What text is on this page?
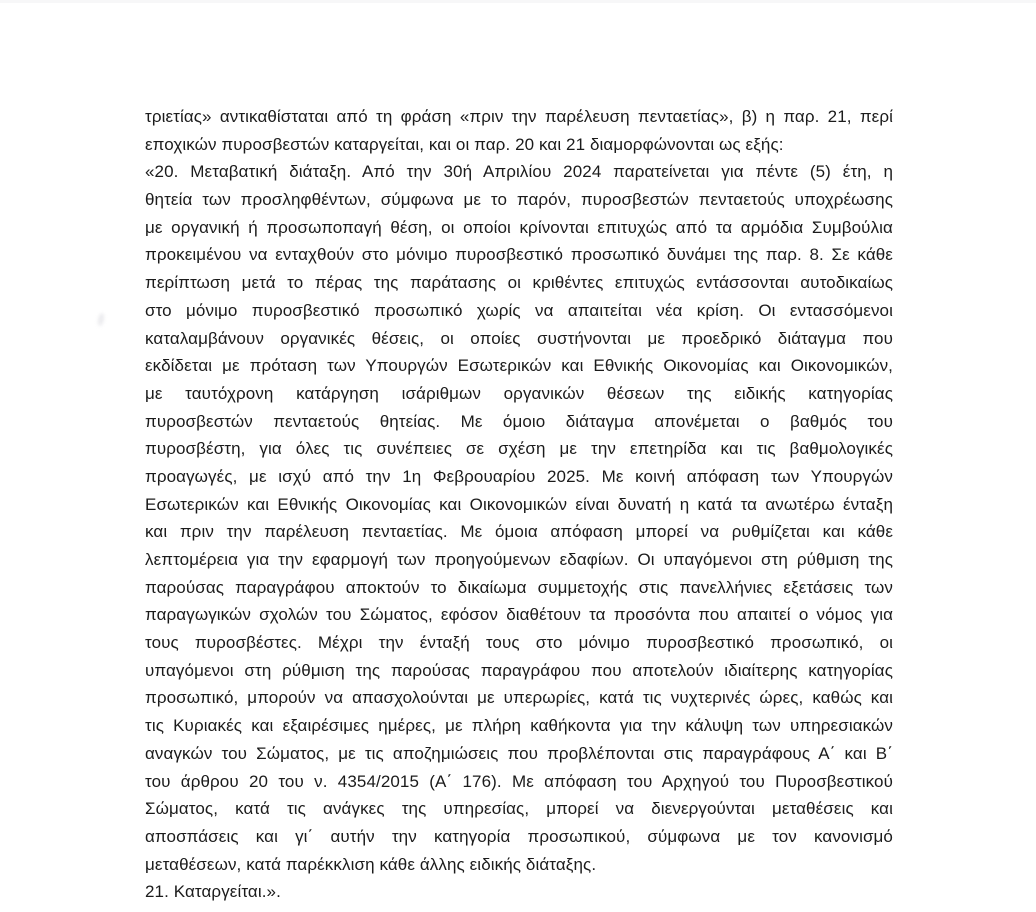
τριετίας» αντικαθίσταται από τη φράση «πριν την παρέλευση πενταετίας», β) η παρ. 21, περί
εποχικών πυροσβεστών καταργείται, και οι παρ. 20 και 21 διαμορφώνονται ως εξής:
«20. Μεταβατική διάταξη. Από την 30ή Απριλίου 2024 παρατείνεται για πέντε (5) έτη, η
θητεία των προσληφθέντων, σύμφωνα με το παρόν, πυροσβεστών πενταετούς υποχρέωσης
με οργανική ή προσωποπαγή θέση, οι οποίοι κρίνονται επιτυχώς από τα αρμόδια Συμβούλια
προκειμένου να ενταχθούν στο μόνιμο πυροσβεστικό προσωπικό δυνάμει της παρ. 8. Σε κάθε
περίπτωση μετά το πέρας της παράτασης οι κριθέντες επιτυχώς εντάσσονται αυτοδικαίως
στο μόνιμο πυροσβεστικό προσωπικό χωρίς να απαιτείται νέα κρίση. Οι εντασσόμενοι
καταλαμβάνουν οργανικές θέσεις, οι οποίες συστήνονται με προεδρικό διάταγμα που
εκδίδεται με πρόταση των Υπουργών Εσωτερικών και Εθνικής Οικονομίας και Οικονομικών,
με ταυτόχρονη κατάργηση ισάριθμων οργανικών θέσεων της ειδικής κατηγορίας
πυροσβεστών πενταετούς θητείας. Με όμοιο διάταγμα απονέμεται ο βαθμός του
πυροσβέστη, για όλες τις συνέπειες σε σχέση με την επετηρίδα και τις βαθμολογικές
προαγωγές, με ισχύ από την 1η Φεβρουαρίου 2025. Με κοινή απόφαση των Υπουργών
Εσωτερικών και Εθνικής Οικονομίας και Οικονομικών είναι δυνατή η κατά τα ανωτέρω ένταξη
και πριν την παρέλευση πενταετίας. Με όμοια απόφαση μπορεί να ρυθμίζεται και κάθε
λεπτομέρεια για την εφαρμογή των προηγούμενων εδαφίων. Οι υπαγόμενοι στη ρύθμιση της
παρούσας παραγράφου αποκτούν το δικαίωμα συμμετοχής στις πανελλήνιες εξετάσεις των
παραγωγικών σχολών του Σώματος, εφόσον διαθέτουν τα προσόντα που απαιτεί ο νόμος για
τους πυροσβέστες. Μέχρι την ένταξή τους στο μόνιμο πυροσβεστικό προσωπικό, οι
υπαγόμενοι στη ρύθμιση της παρούσας παραγράφου που αποτελούν ιδιαίτερης κατηγορίας
προσωπικό, μπορούν να απασχολούνται με υπερωρίες, κατά τις νυχτερινές ώρες, καθώς και
τις Κυριακές και εξαιρέσιμες ημέρες, με πλήρη καθήκοντα για την κάλυψη των υπηρεσιακών
αναγκών του Σώματος, με τις αποζημιώσεις που προβλέπονται στις παραγράφους Α΄ και Β΄
του άρθρου 20 του ν. 4354/2015 (Α΄ 176). Με απόφαση του Αρχηγού του Πυροσβεστικού
Σώματος, κατά τις ανάγκες της υπηρεσίας, μπορεί να διενεργούνται μεταθέσεις και
αποσπάσεις και γι΄ αυτήν την κατηγορία προσωπικού, σύμφωνα με τον κανονισμό
μεταθέσεων, κατά παρέκκλιση κάθε άλλης ειδικής διάταξης.
21. Καταργείται.».
